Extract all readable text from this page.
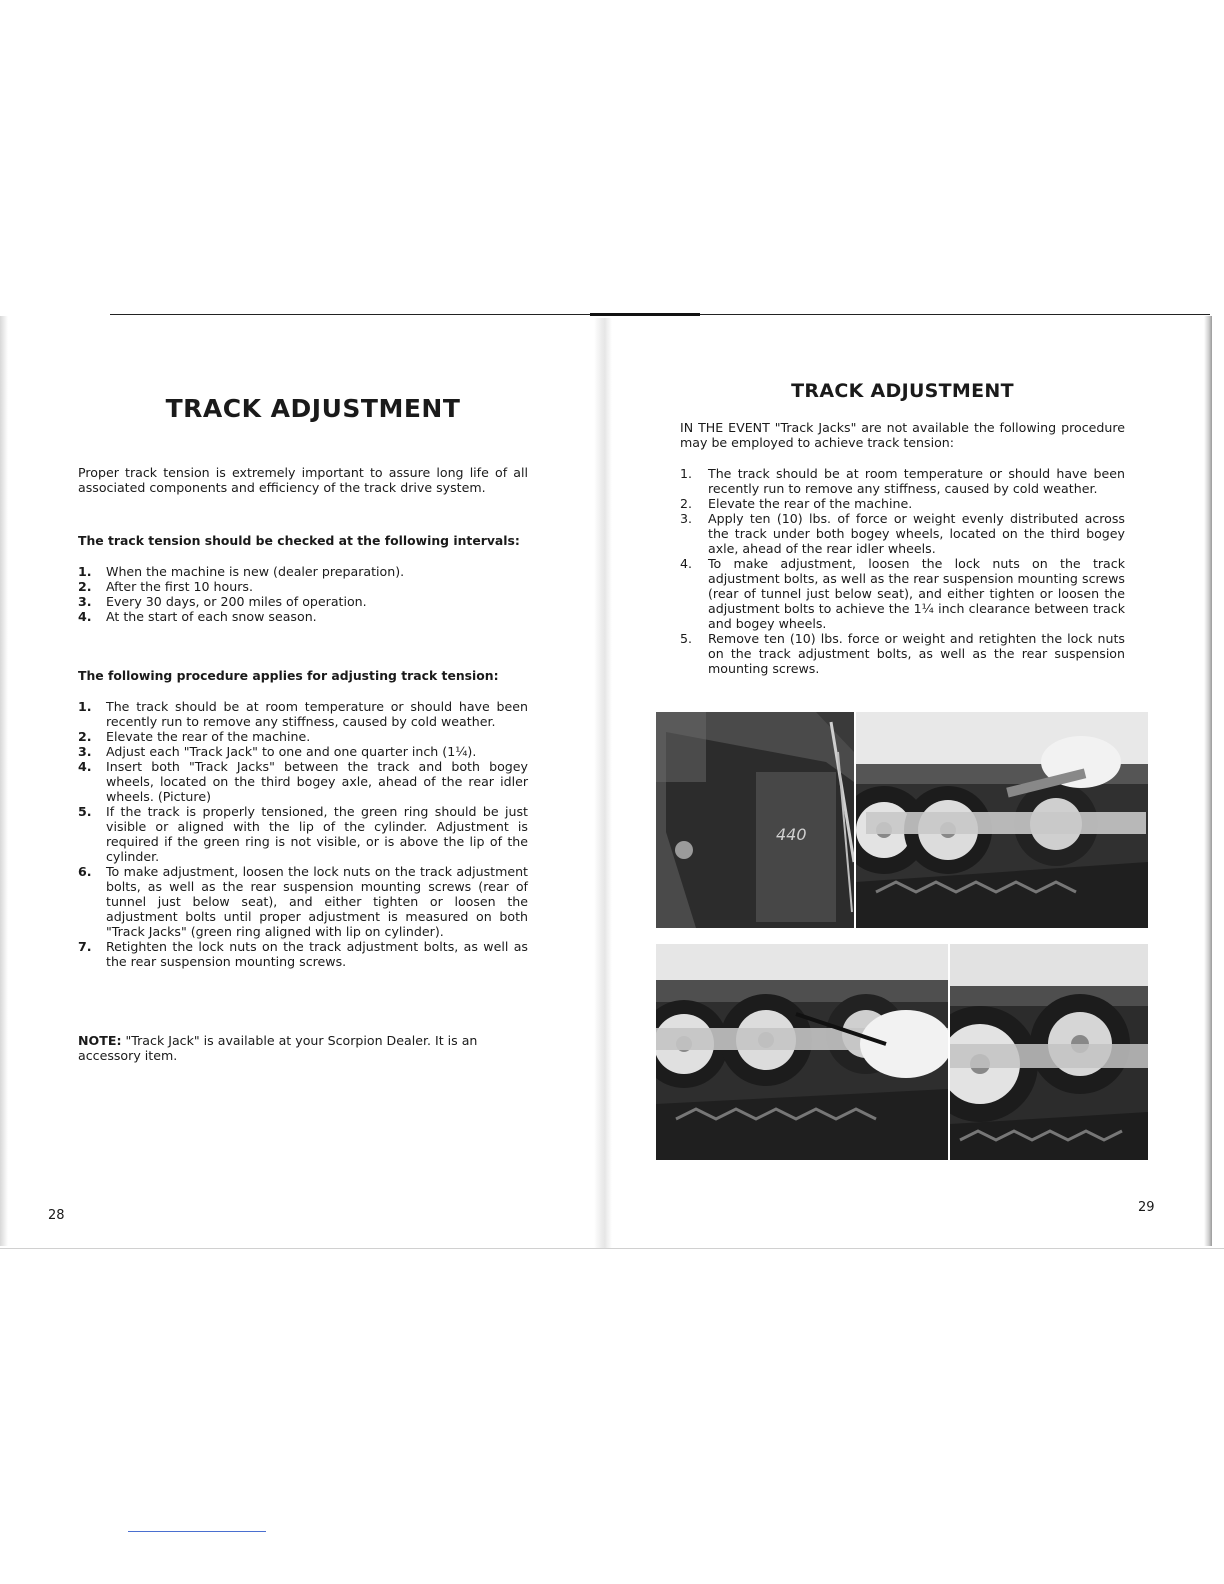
TRACK ADJUSTMENT

Proper track tension is extremely important to assure long life of all associated components and efficiency of the track drive system.

The track tension should be checked at the following intervals:

1.	When the machine is new (dealer preparation).
2.	After the first 10 hours.
3.	Every 30 days, or 200 miles of operation.
4.	At the start of each snow season.

The following procedure applies for adjusting track tension:

1.	The track should be at room temperature or should have been recently run to remove any stiffness, caused by cold weather.
2.	Elevate the rear of the machine.
3.	Adjust each "Track Jack" to one and one quarter inch (1¼).
4.	Insert both "Track Jacks" between the track and both bogey wheels, located on the third bogey axle, ahead of the rear idler wheels. (Picture)
5.	If the track is properly tensioned, the green ring should be just visible or aligned with the lip of the cylinder. Adjustment is required if the green ring is not visible, or is above the lip of the cylinder.
6.	To make adjustment, loosen the lock nuts on the track adjustment bolts, as well as the rear suspension mounting screws (rear of tunnel just below seat), and either tighten or loosen the adjustment bolts until proper adjustment is measured on both "Track Jacks" (green ring aligned with lip on cylinder).
7.	Retighten the lock nuts on the track adjustment bolts, as well as the rear suspension mounting screws.

NOTE: "Track Jack" is available at your Scorpion Dealer. It is an accessory item.

28
TRACK ADJUSTMENT

IN THE EVENT "Track Jacks" are not available the following procedure may be employed to achieve track tension:

1.	The track should be at room temperature or should have been recently run to remove any stiffness, caused by cold weather.
2.	Elevate the rear of the machine.
3.	Apply ten (10) lbs. of force or weight evenly distributed across the track under both bogey wheels, located on the third bogey axle, ahead of the rear idler wheels.
4.	To make adjustment, loosen the lock nuts on the track adjustment bolts, as well as the rear suspension mounting screws (rear of tunnel just below seat), and either tighten or loosen the adjustment bolts to achieve the 1¼ inch clearance between track and bogey wheels.
5.	Remove ten (10) lbs. force or weight and retighten the lock nuts on the track adjustment bolts, as well as the rear suspension mounting screws.
440
29
